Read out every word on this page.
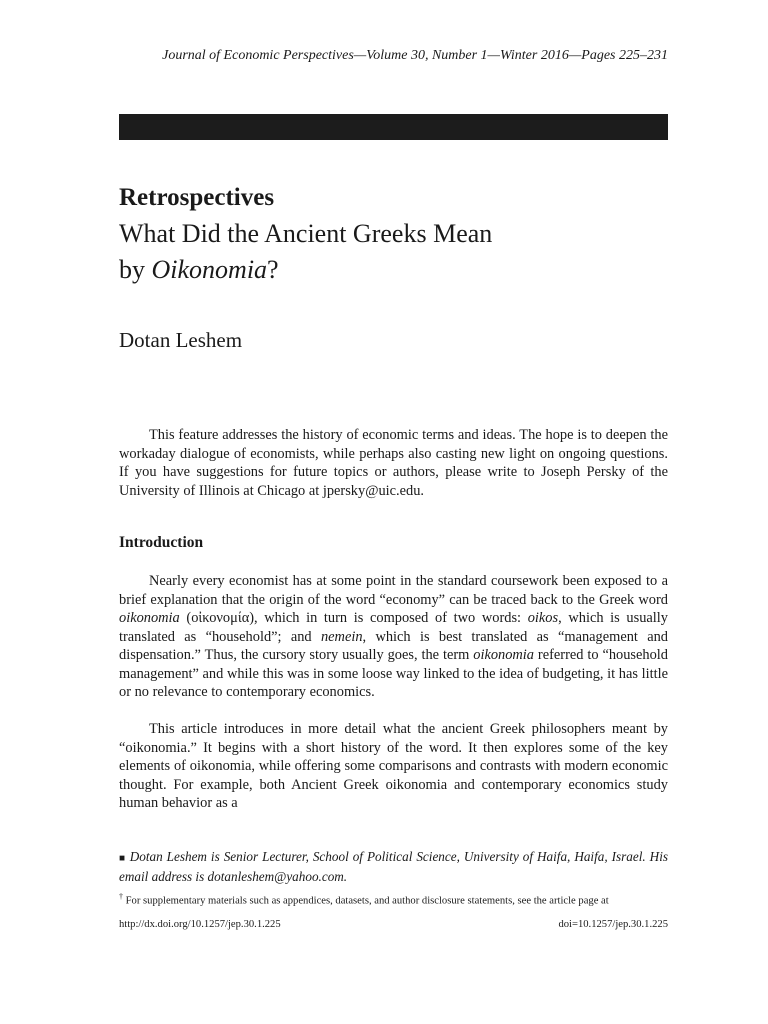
Journal of Economic Perspectives—Volume 30, Number 1—Winter 2016—Pages 225–231
Retrospectives
What Did the Ancient Greeks Mean
by Oikonomia?
Dotan Leshem
This feature addresses the history of economic terms and ideas. The hope is to deepen the workaday dialogue of economists, while perhaps also casting new light on ongoing questions. If you have suggestions for future topics or authors, please write to Joseph Persky of the University of Illinois at Chicago at jpersky@uic.edu.
Introduction
Nearly every economist has at some point in the standard coursework been exposed to a brief explanation that the origin of the word “economy” can be traced back to the Greek word oikonomia (οἰκονομία), which in turn is composed of two words: oikos, which is usually translated as “household”; and nemein, which is best translated as “management and dispensation.” Thus, the cursory story usually goes, the term oikonomia referred to “household management” and while this was in some loose way linked to the idea of budgeting, it has little or no relevance to contemporary economics.
This article introduces in more detail what the ancient Greek philosophers meant by “oikonomia.” It begins with a short history of the word. It then explores some of the key elements of oikonomia, while offering some comparisons and contrasts with modern economic thought. For example, both Ancient Greek oikonomia and contemporary economics study human behavior as a
■ Dotan Leshem is Senior Lecturer, School of Political Science, University of Haifa, Haifa, Israel. His email address is dotanleshem@yahoo.com.
† For supplementary materials such as appendices, datasets, and author disclosure statements, see the article page at
http://dx.doi.org/10.1257/jep.30.1.225	doi=10.1257/jep.30.1.225
